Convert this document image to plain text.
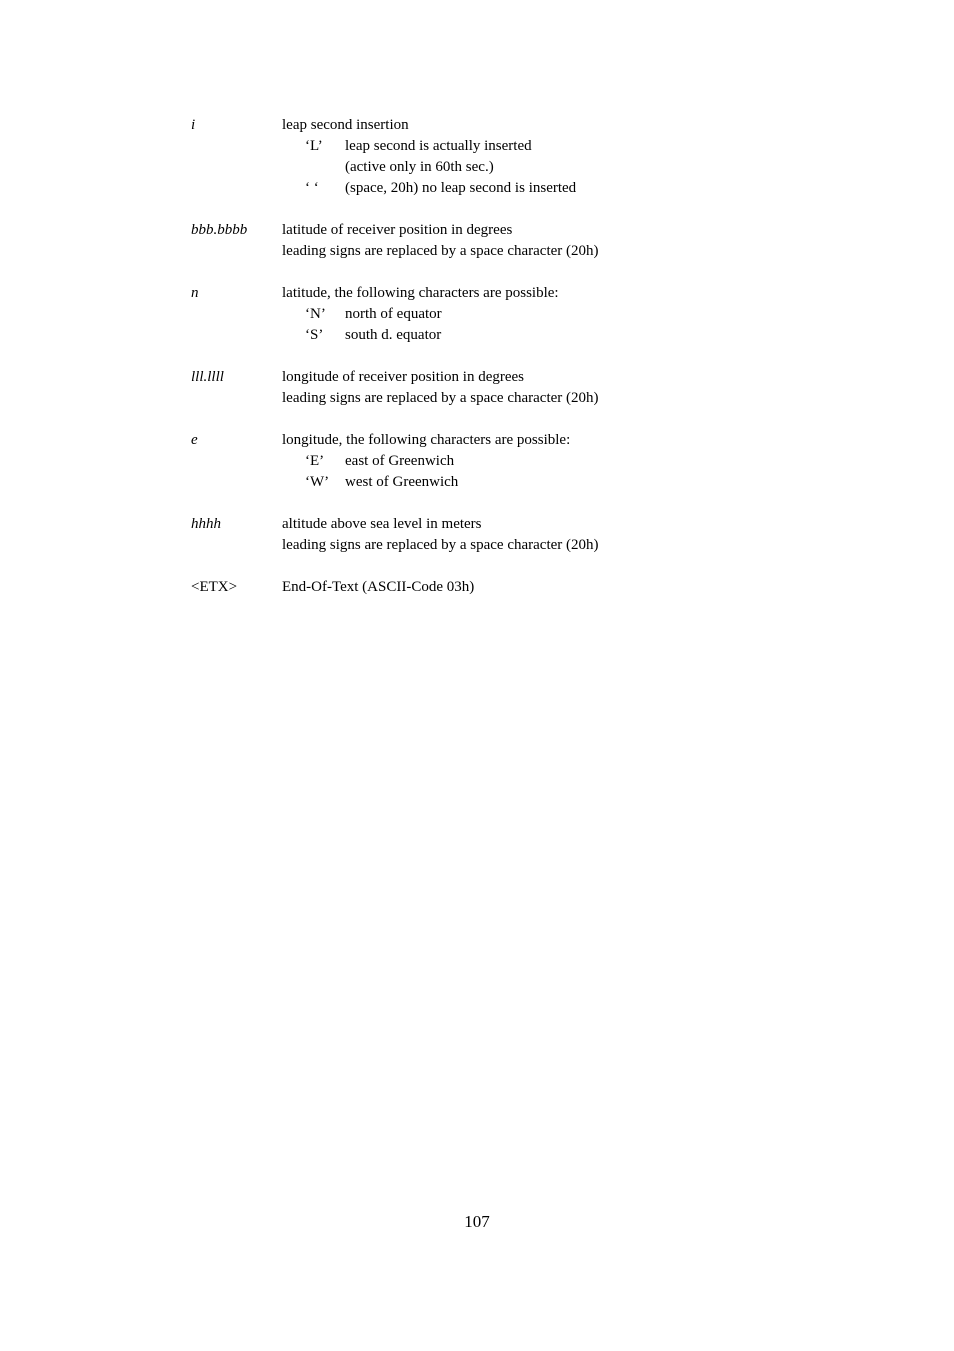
i	leap second insertion
‘L’ leap second is actually inserted
(active only in 60th sec.)
‘ ‘ (space, 20h) no leap second is inserted
bbb.bbbb	latitude of receiver position in degrees
leading signs are replaced by a space character (20h)
n	latitude, the following characters are possible:
‘N’ north of equator
‘S’ south d. equator
lll.llll	longitude of receiver position in degrees
leading signs are replaced by a space character (20h)
e	longitude, the following characters are possible:
‘E’ east of Greenwich
‘W’ west of Greenwich
hhhh	altitude above sea level in meters
leading signs are replaced by a space character (20h)
<ETX>	End-Of-Text (ASCII-Code 03h)
107
